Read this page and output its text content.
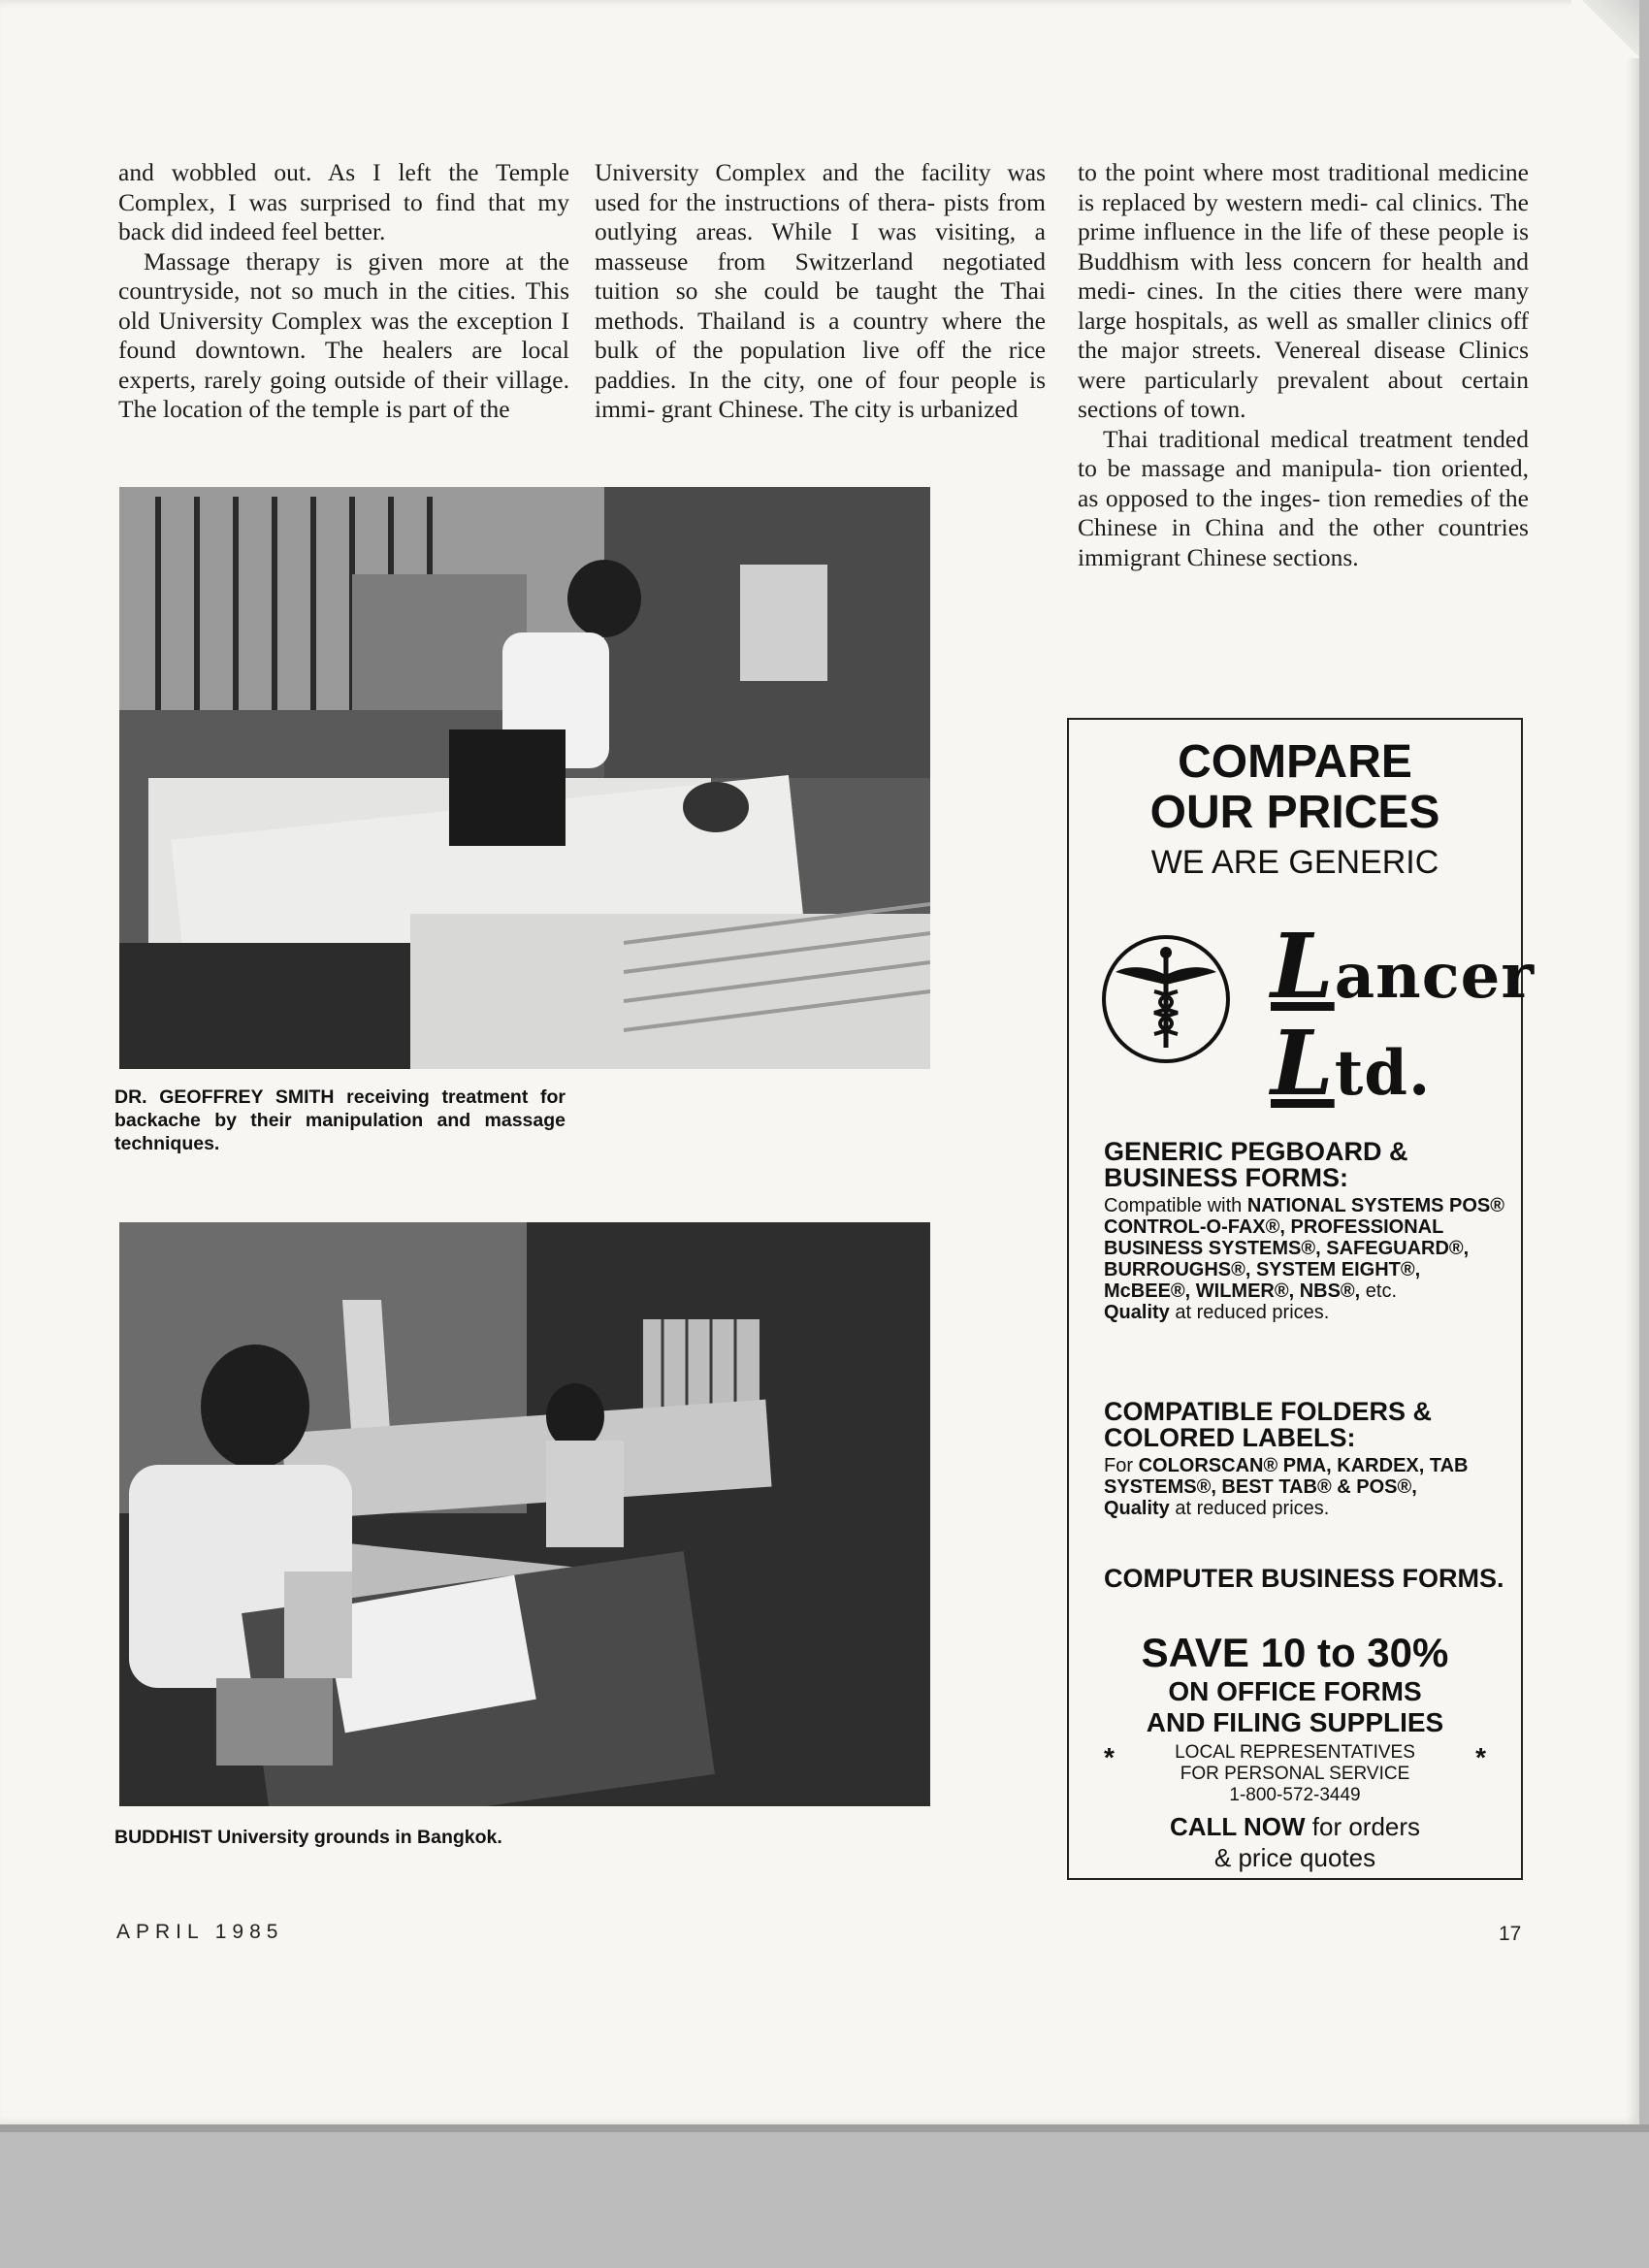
and wobbled out. As I left the Temple Complex, I was surprised to find that my back did indeed feel better.

Massage therapy is given more at the countryside, not so much in the cities. This old University Complex was the exception I found downtown. The healers are local experts, rarely going outside of their village. The location of the temple is part of the

University Complex and the facility was used for the instructions of thera- pists from outlying areas. While I was visiting, a masseuse from Switzerland negotiated tuition so she could be taught the Thai methods. Thailand is a country where the bulk of the population live off the rice paddies. In the city, one of four people is immi- grant Chinese. The city is urbanized

to the point where most traditional medicine is replaced by western medi- cal clinics. The prime influence in the life of these people is Buddhism with less concern for health and medi- cines. In the cities there were many large hospitals, as well as smaller clinics off the major streets. Venereal disease Clinics were particularly prevalent about certain sections of town.

Thai traditional medical treatment tended to be massage and manipula- tion oriented, as opposed to the inges- tion remedies of the Chinese in China and the other countries immigrant Chinese sections.

DR. GEOFFREY SMITH receiving treatment for backache by their manipulation and massage techniques.
BUDDHIST University grounds in Bangkok.
COMPARE
OUR PRICES
WE ARE GENERIC
Lancer
Ltd.
GENERIC PEGBOARD & BUSINESS FORMS:
Compatible with NATIONAL SYSTEMS POS® CONTROL-O-FAX®, PROFESSIONAL BUSINESS SYSTEMS®, SAFEGUARD®, BURROUGHS®, SYSTEM EIGHT®, McBEE®, WILMER®, NBS®, etc.
Quality at reduced prices.
COMPATIBLE FOLDERS & COLORED LABELS:
For COLORSCAN® PMA, KARDEX, TAB SYSTEMS®, BEST TAB® & POS®,
Quality at reduced prices.
COMPUTER BUSINESS FORMS.
SAVE 10 to 30%
ON OFFICE FORMS
AND FILING SUPPLIES
*	*
LOCAL REPRESENTATIVES
FOR PERSONAL SERVICE
1-800-572-3449
CALL NOW for orders
& price quotes
APRIL 1985	17
